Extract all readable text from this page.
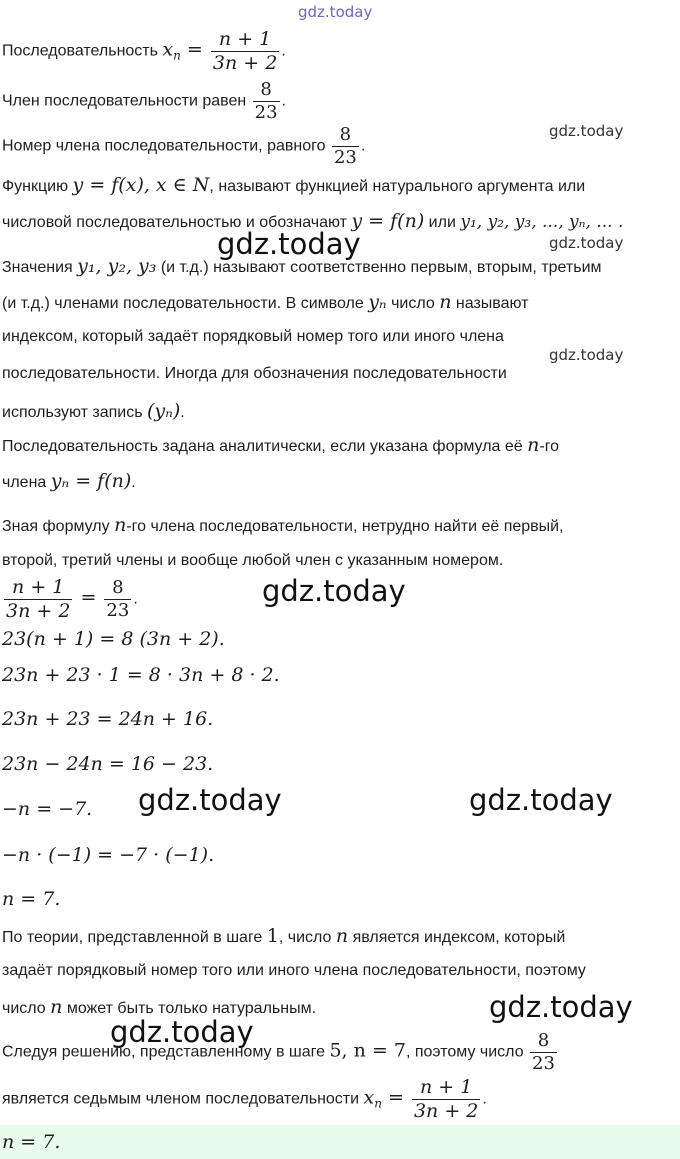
gdz.today
gdz.today
gdz.today	gdz.today
gdz.today
gdz.today
gdz.today	gdz.today
gdz.today
gdz.today
Последовательность $x_n = \frac{n + 1}{3n + 2}$ .
Член последовательности равен $\frac{8}{23}$ .
Номер члена последовательности, равного $\frac{8}{23}$ .
Функцию y = f(x), x ∈ N, называют функцией натурального аргумента или
числовой последовательностью и обозначают y = f(n) или y₁, y₂, y₃, ..., yₙ, ... .
Значения y₁, y₂, y₃ (и т.д.) называют соответственно первым, вторым, третьим
(и т.д.) членами последовательности. В символе yₙ число n называют
индексом, который задаёт порядковый номер того или иного члена
последовательности. Иногда для обозначения последовательности
используют запись (yₙ).
Последовательность задана аналитически, если указана формула её n-го
члена yₙ = f(n).
Зная формулу n-го члена последовательности, нетрудно найти её первый,
второй, третий члены и вообще любой член с указанным номером.
$\frac{n + 1}{3n + 2} = \frac{8}{23}$ .
23(n + 1) = 8 (3n + 2).
23n + 23 · 1 = 8 · 3n + 8 · 2.
23n + 23 = 24n + 16.
23n − 24n = 16 − 23.
−n = −7.
−n · (−1) = −7 · (−1).
n = 7.
По теории, представленной в шаге 1, число n является индексом, который
задаёт порядковый номер того или иного члена последовательности, поэтому
число n может быть только натуральным.
Следуя решению, представленному в шаге 5, n = 7, поэтому число $\frac{8}{23}$
является седьмым членом последовательности $x_n = \frac{n + 1}{3n + 2}$ .
n = 7.
